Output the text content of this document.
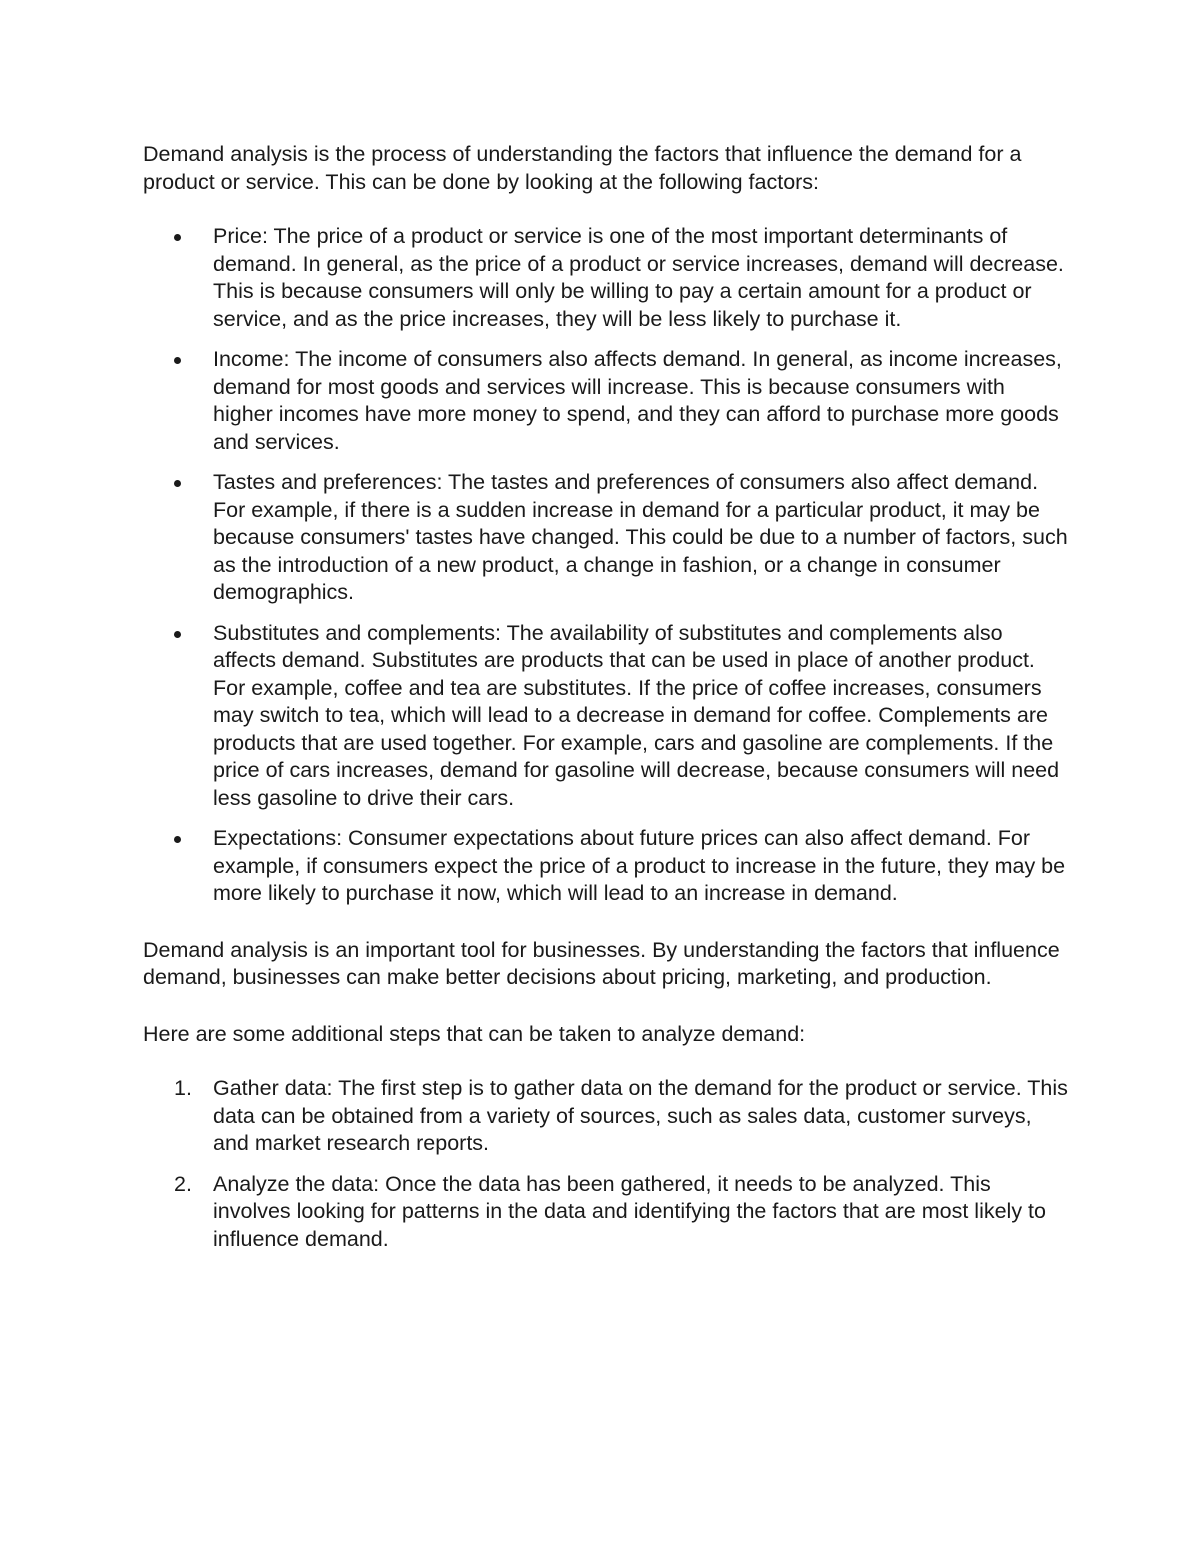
Demand analysis is the process of understanding the factors that influence the demand for a product or service. This can be done by looking at the following factors:

Price: The price of a product or service is one of the most important determinants of demand. In general, as the price of a product or service increases, demand will decrease. This is because consumers will only be willing to pay a certain amount for a product or service, and as the price increases, they will be less likely to purchase it.
Income: The income of consumers also affects demand. In general, as income increases, demand for most goods and services will increase. This is because consumers with higher incomes have more money to spend, and they can afford to purchase more goods and services.
Tastes and preferences: The tastes and preferences of consumers also affect demand. For example, if there is a sudden increase in demand for a particular product, it may be because consumers' tastes have changed. This could be due to a number of factors, such as the introduction of a new product, a change in fashion, or a change in consumer demographics.
Substitutes and complements: The availability of substitutes and complements also affects demand. Substitutes are products that can be used in place of another product. For example, coffee and tea are substitutes. If the price of coffee increases, consumers may switch to tea, which will lead to a decrease in demand for coffee. Complements are products that are used together. For example, cars and gasoline are complements. If the price of cars increases, demand for gasoline will decrease, because consumers will need less gasoline to drive their cars.
Expectations: Consumer expectations about future prices can also affect demand. For example, if consumers expect the price of a product to increase in the future, they may be more likely to purchase it now, which will lead to an increase in demand.

Demand analysis is an important tool for businesses. By understanding the factors that influence demand, businesses can make better decisions about pricing, marketing, and production.

Here are some additional steps that can be taken to analyze demand:

1. Gather data: The first step is to gather data on the demand for the product or service. This data can be obtained from a variety of sources, such as sales data, customer surveys, and market research reports.
2. Analyze the data: Once the data has been gathered, it needs to be analyzed. This involves looking for patterns in the data and identifying the factors that are most likely to influence demand.
